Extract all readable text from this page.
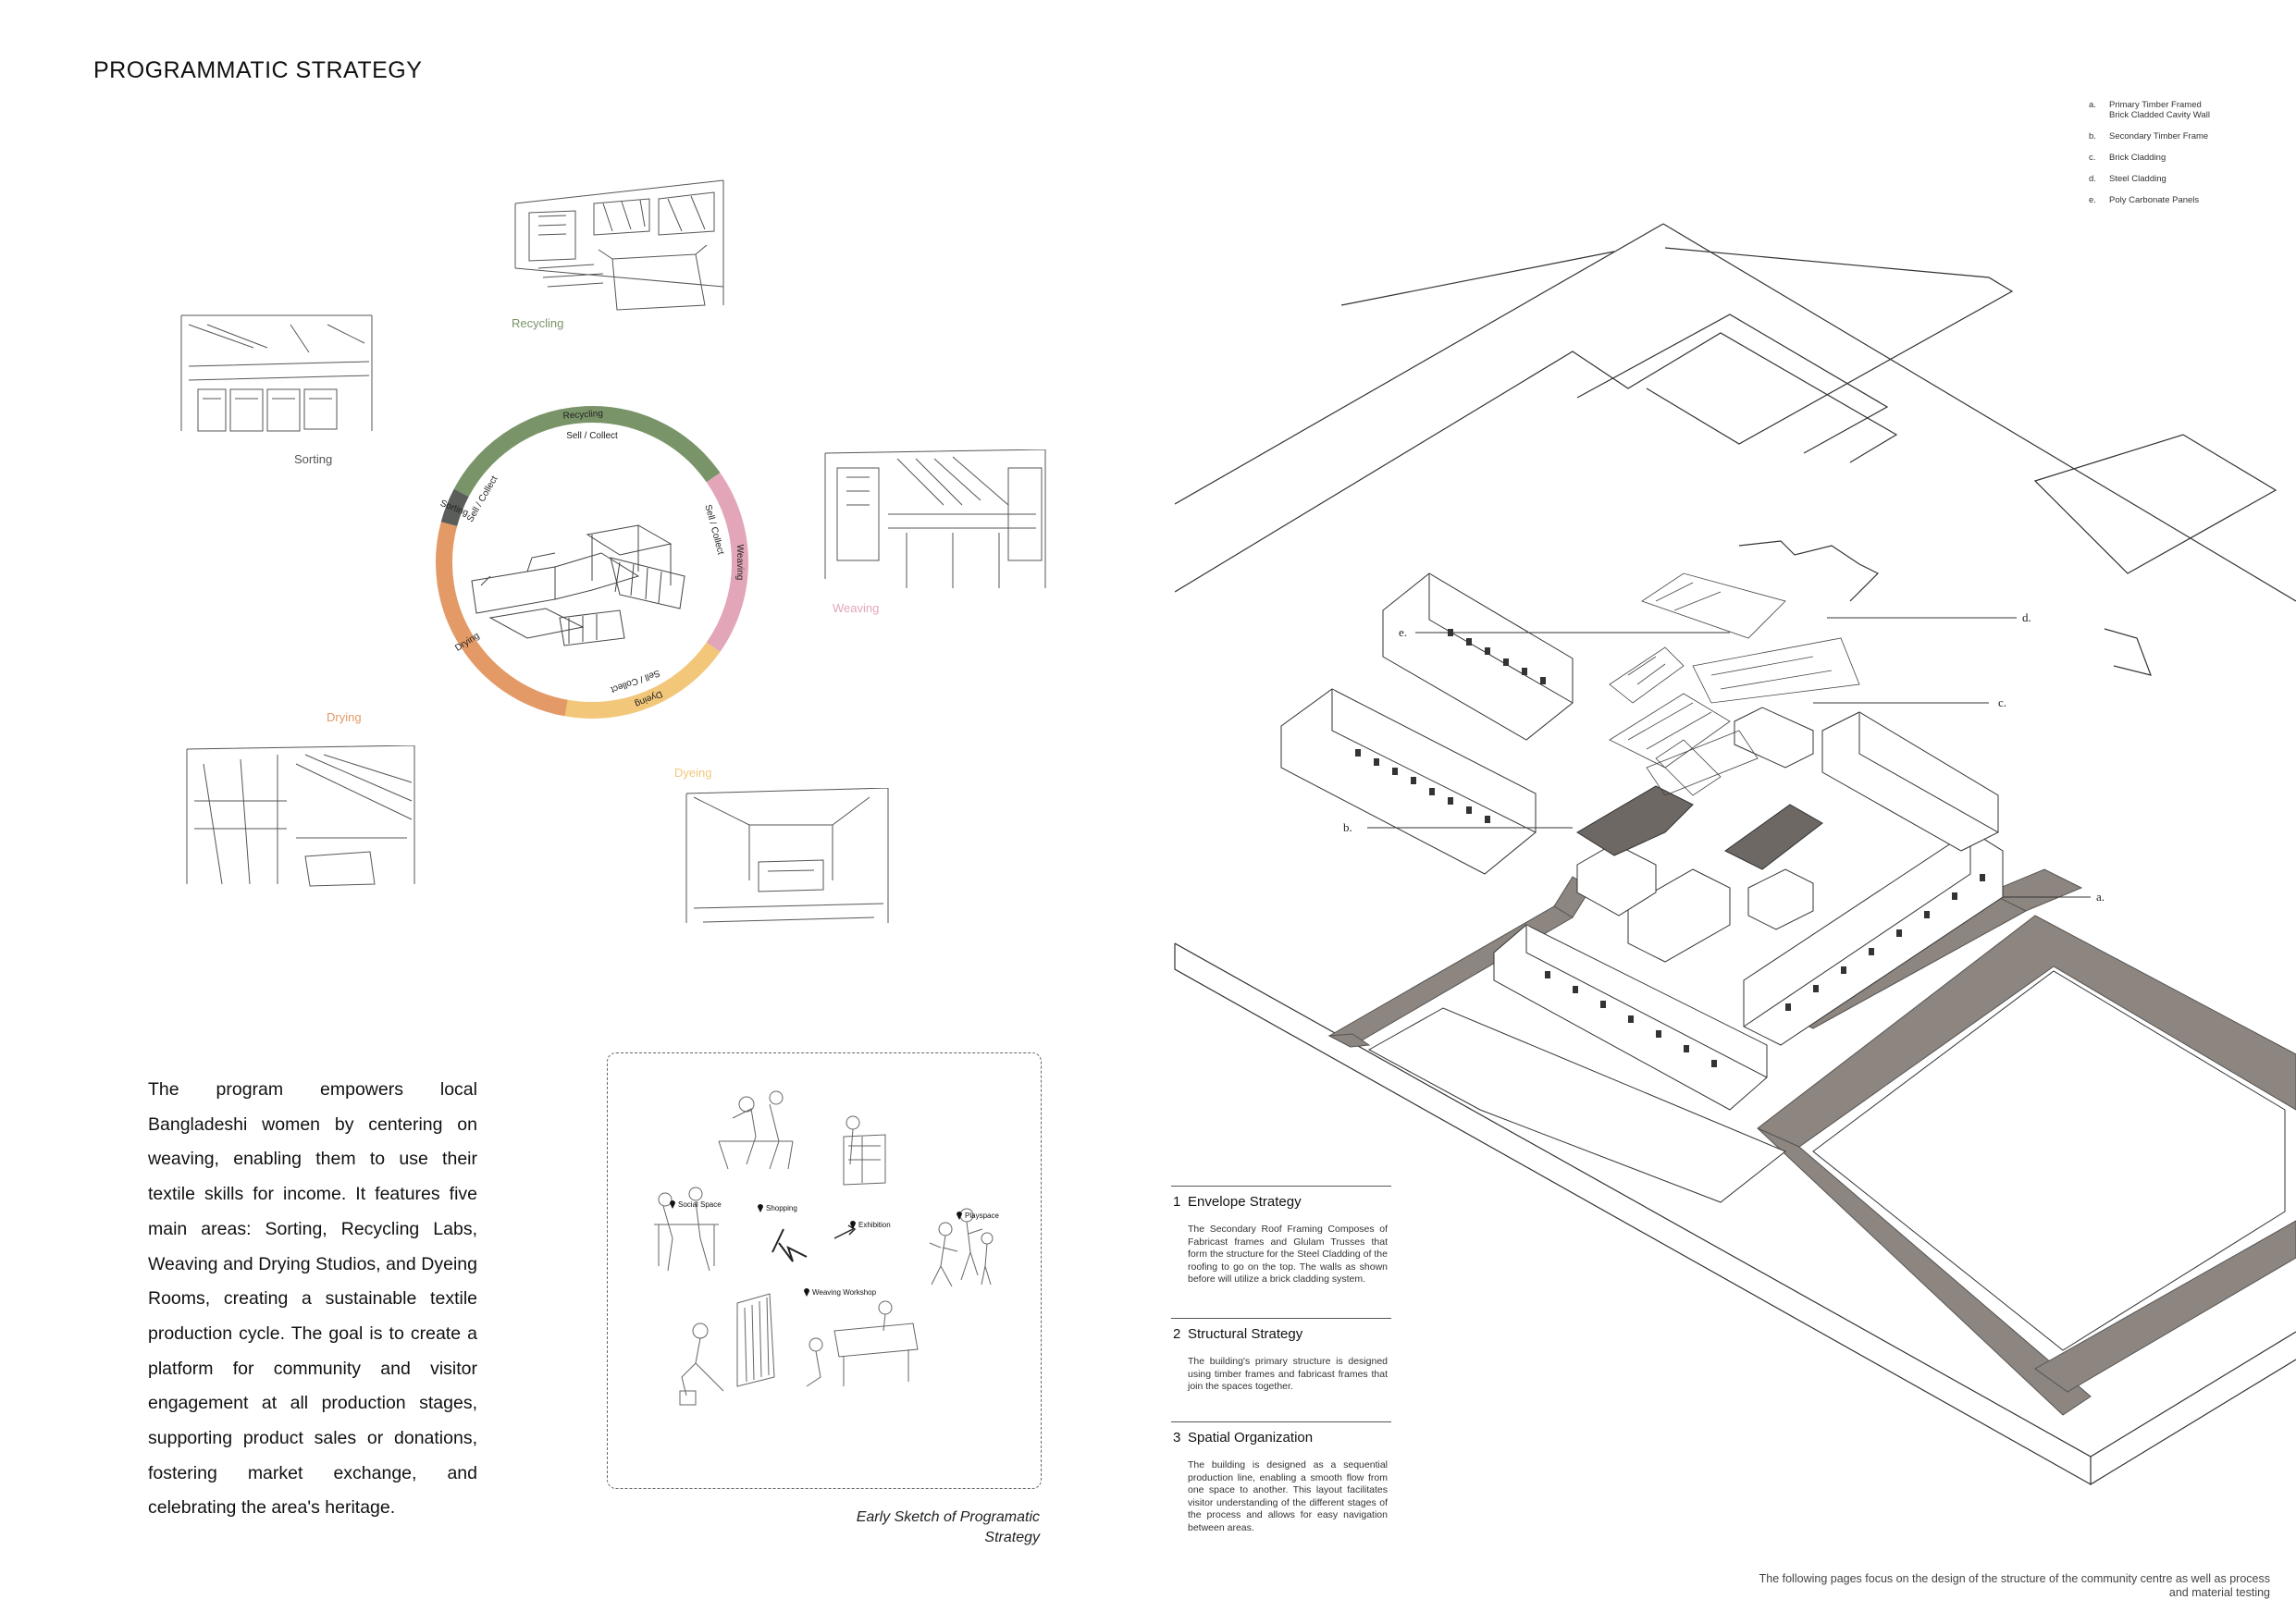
PROGRAMMATIC STRATEGY
Recycling
Sorting
Weaving
Drying
Dyeing
Recycling
Weaving
Dyeing
Drying
Sorting
Sell / Collect
Sell / Collect
Sell / Collect
Sell / Collect
The program empowers local Bangladeshi women by centering on weaving, enabling them to use their textile skills for income. It features five main areas: Sorting, Recycling Labs, Weaving and Drying Studios, and Dyeing Rooms, creating a sustainable textile production cycle. The goal is to create a platform for community and visitor engagement at all production stages, supporting product sales or donations, fostering market exchange, and celebrating the area's heritage.
Social Space	Shopping
Playspace
Exhibition
Weaving Workshop
Early Sketch of Programatic Strategy
e.
d.
c.
b.
a.
a. Primary Timber Framed Brick Cladded Cavity Wall
b. Secondary Timber Frame
c. Brick Cladding
d. Steel Cladding
e. Poly Carbonate Panels
1 Envelope Strategy
The Secondary Roof Framing Composes of Fabricast frames and Glulam Trusses that form the structure for the Steel Cladding of the roofing to go on the top. The walls as shown before will utilize a brick cladding system.
2 Structural Strategy
The building's primary structure is designed using timber frames and fabricast frames that join the spaces together.
3 Spatial Organization
The building is designed as a sequential production line, enabling a smooth flow from one space to another. This layout facilitates visitor understanding of the different stages of the process and allows for easy navigation between areas.
The following pages focus on the design of the structure of the community centre as well as process and material testing
